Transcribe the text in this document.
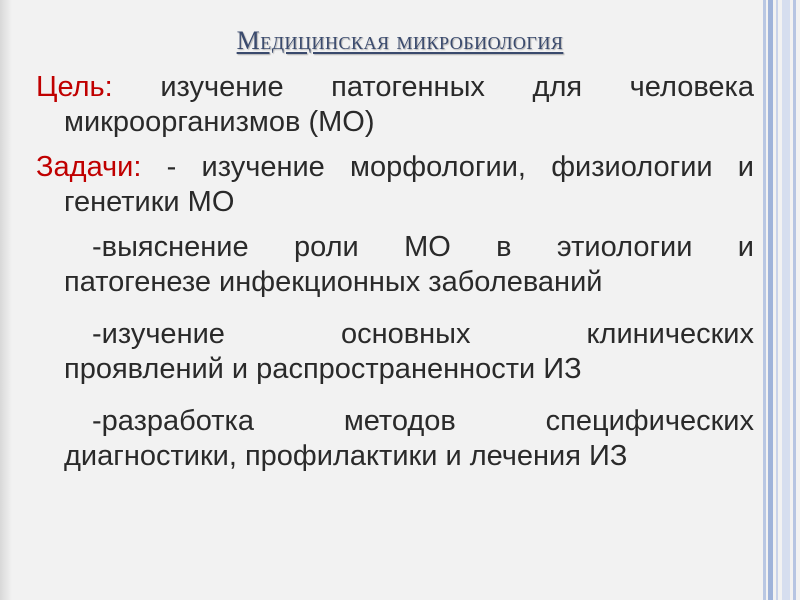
Медицинская микробиология
Цель: изучение патогенных для человека
микроорганизмов (МО)
Задачи: - изучение морфологии, физиологии и
генетики МО
-выяснение роли МО в этиологии и
патогенезе инфекционных заболеваний
-изучение основных клинических
проявлений и распространенности ИЗ
-разработка методов специфических
диагностики, профилактики и лечения ИЗ
